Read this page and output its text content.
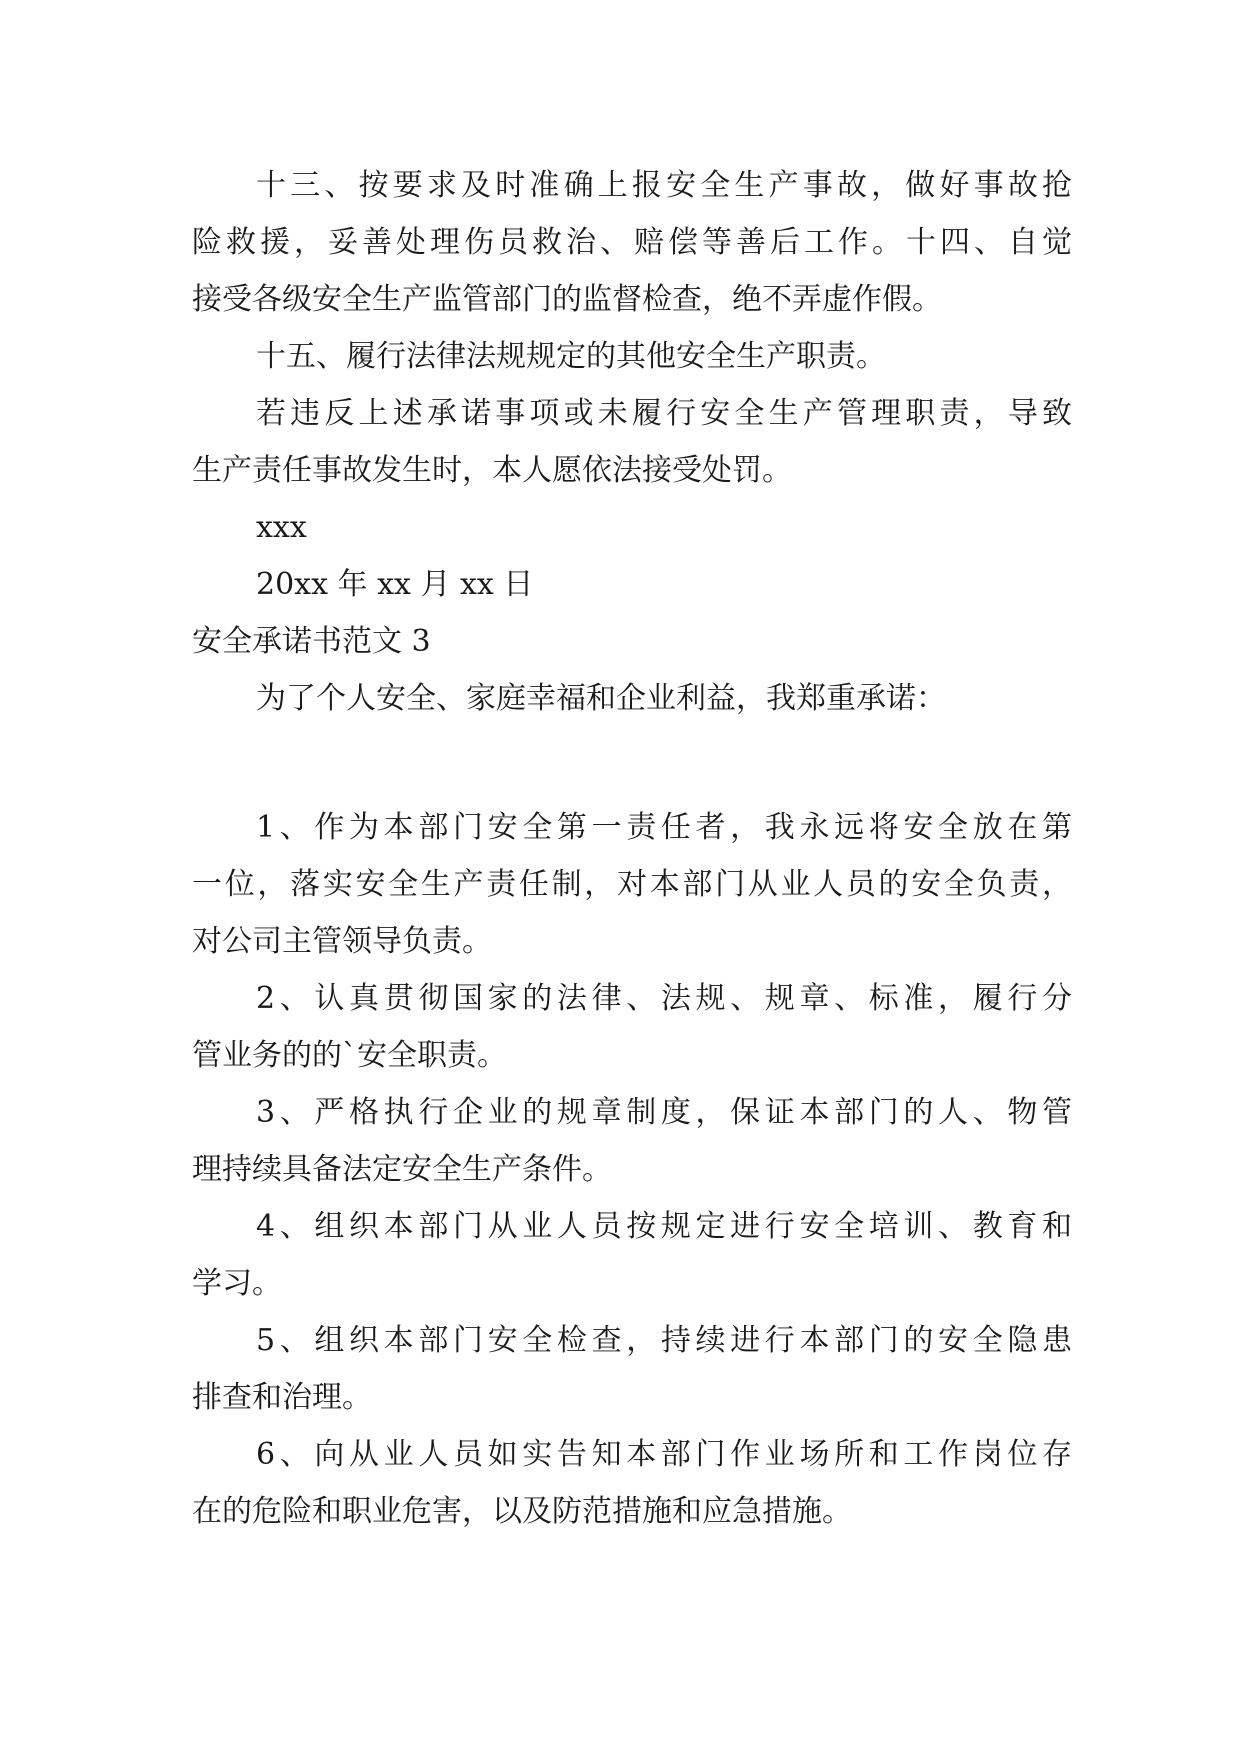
十三、按要求及时准确上报安全生产事故，做好事故抢
险救援，妥善处理伤员救治、赔偿等善后工作。十四、自觉
接受各级安全生产监管部门的监督检查，绝不弄虚作假。
十五、履行法律法规规定的其他安全生产职责。
若违反上述承诺事项或未履行安全生产管理职责，导致
生产责任事故发生时，本人愿依法接受处罚。
xxx
20xx 年 xx 月 xx 日
安全承诺书范文 3
为了个人安全、家庭幸福和企业利益，我郑重承诺：
1、作为本部门安全第一责任者，我永远将安全放在第
一位，落实安全生产责任制，对本部门从业人员的安全负责，
对公司主管领导负责。
2、认真贯彻国家的法律、法规、规章、标准，履行分
管业务的的`安全职责。
3、严格执行企业的规章制度，保证本部门的人、物管
理持续具备法定安全生产条件。
4、组织本部门从业人员按规定进行安全培训、教育和
学习。
5、组织本部门安全检查，持续进行本部门的安全隐患
排查和治理。
6、向从业人员如实告知本部门作业场所和工作岗位存
在的危险和职业危害，以及防范措施和应急措施。
